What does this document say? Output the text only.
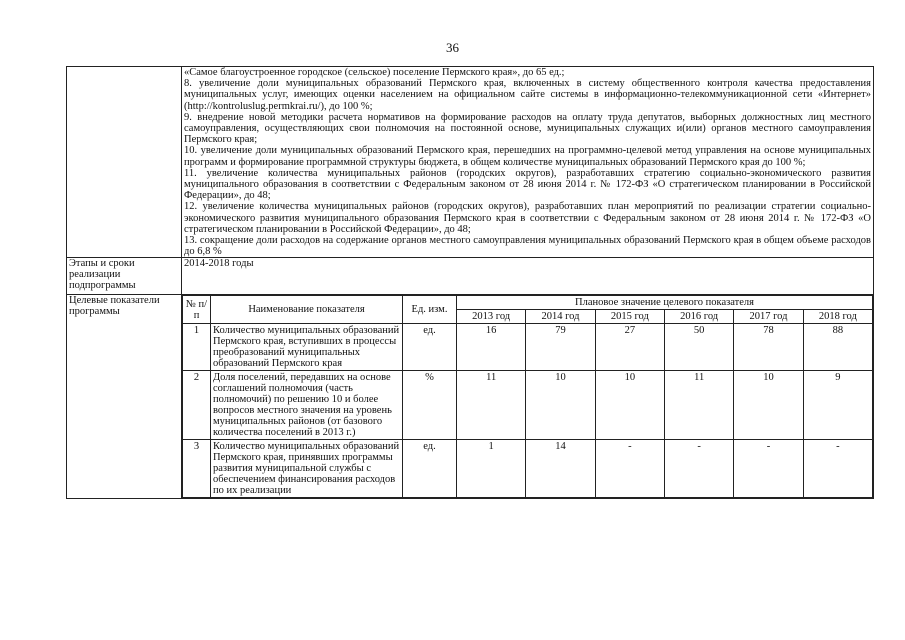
36

«Самое благоустроенное городское (сельское) поселение Пермского края», до 65 ед.;

8. увеличение доли муниципальных образований Пермского края, включенных в систему общественного контроля качества предоставления муниципальных услуг, имеющих оценки населением на официальном сайте системы в информационно-телекоммуникационной сети «Интернет» (http://kontroluslug.permkrai.ru/), до 100 %;

9. внедрение новой методики расчета нормативов на формирование расходов на оплату труда депутатов, выборных должностных лиц местного самоуправления, осуществляющих свои полномочия на постоянной основе, муниципальных служащих и(или) органов местного самоуправления Пермского края;

10. увеличение доли муниципальных образований Пермского края, перешедших на программно-целевой метод управления на основе муниципальных программ и формирование программной структуры бюджета, в общем количестве муниципальных образований Пермского края до 100 %;

11. увеличение количества муниципальных районов (городских округов), разработавших стратегию социально-экономического развития муниципального образования в соответствии с Федеральным законом от 28 июня 2014 г. № 172-ФЗ «О стратегическом планировании в Российской Федерации», до 48;

12. увеличение количества муниципальных районов (городских округов), разработавших план мероприятий по реализации стратегии социально-экономического развития муниципального образования Пермского края в соответствии с Федеральным законом от 28 июня 2014 г. № 172-ФЗ «О стратегическом планировании в Российской Федерации», до 48;

13. сокращение доли расходов на содержание органов местного самоуправления муниципальных образований Пермского края в общем объеме расходов до 6,8 %

Этапы и сроки реализации подпрограммы	2014-2018 годы
Целевые показатели программы	
№ п/п	Наименование показателя	Ед. изм.	Плановое значение целевого показателя
2013 год	2014 год	2015 год	2016 год	2017 год	2018 год
1	Количество муниципальных образований Пермского края, вступивших в процессы преобразований муниципальных образований Пермского края	ед.	16	79	27	50	78	88
2	Доля поселений, передавших на основе соглашений полномочия (часть полномочий) по решению 10 и более вопросов местного значения на уровень муниципальных районов (от базового количества поселений в 2013 г.)	%	11	10	10	11	10	9
3	Количество муниципальных образований Пермского края, принявших программы развития муниципальной службы с обеспечением финансирования расходов по их реализации	ед.	1	14	-	-	-	-
